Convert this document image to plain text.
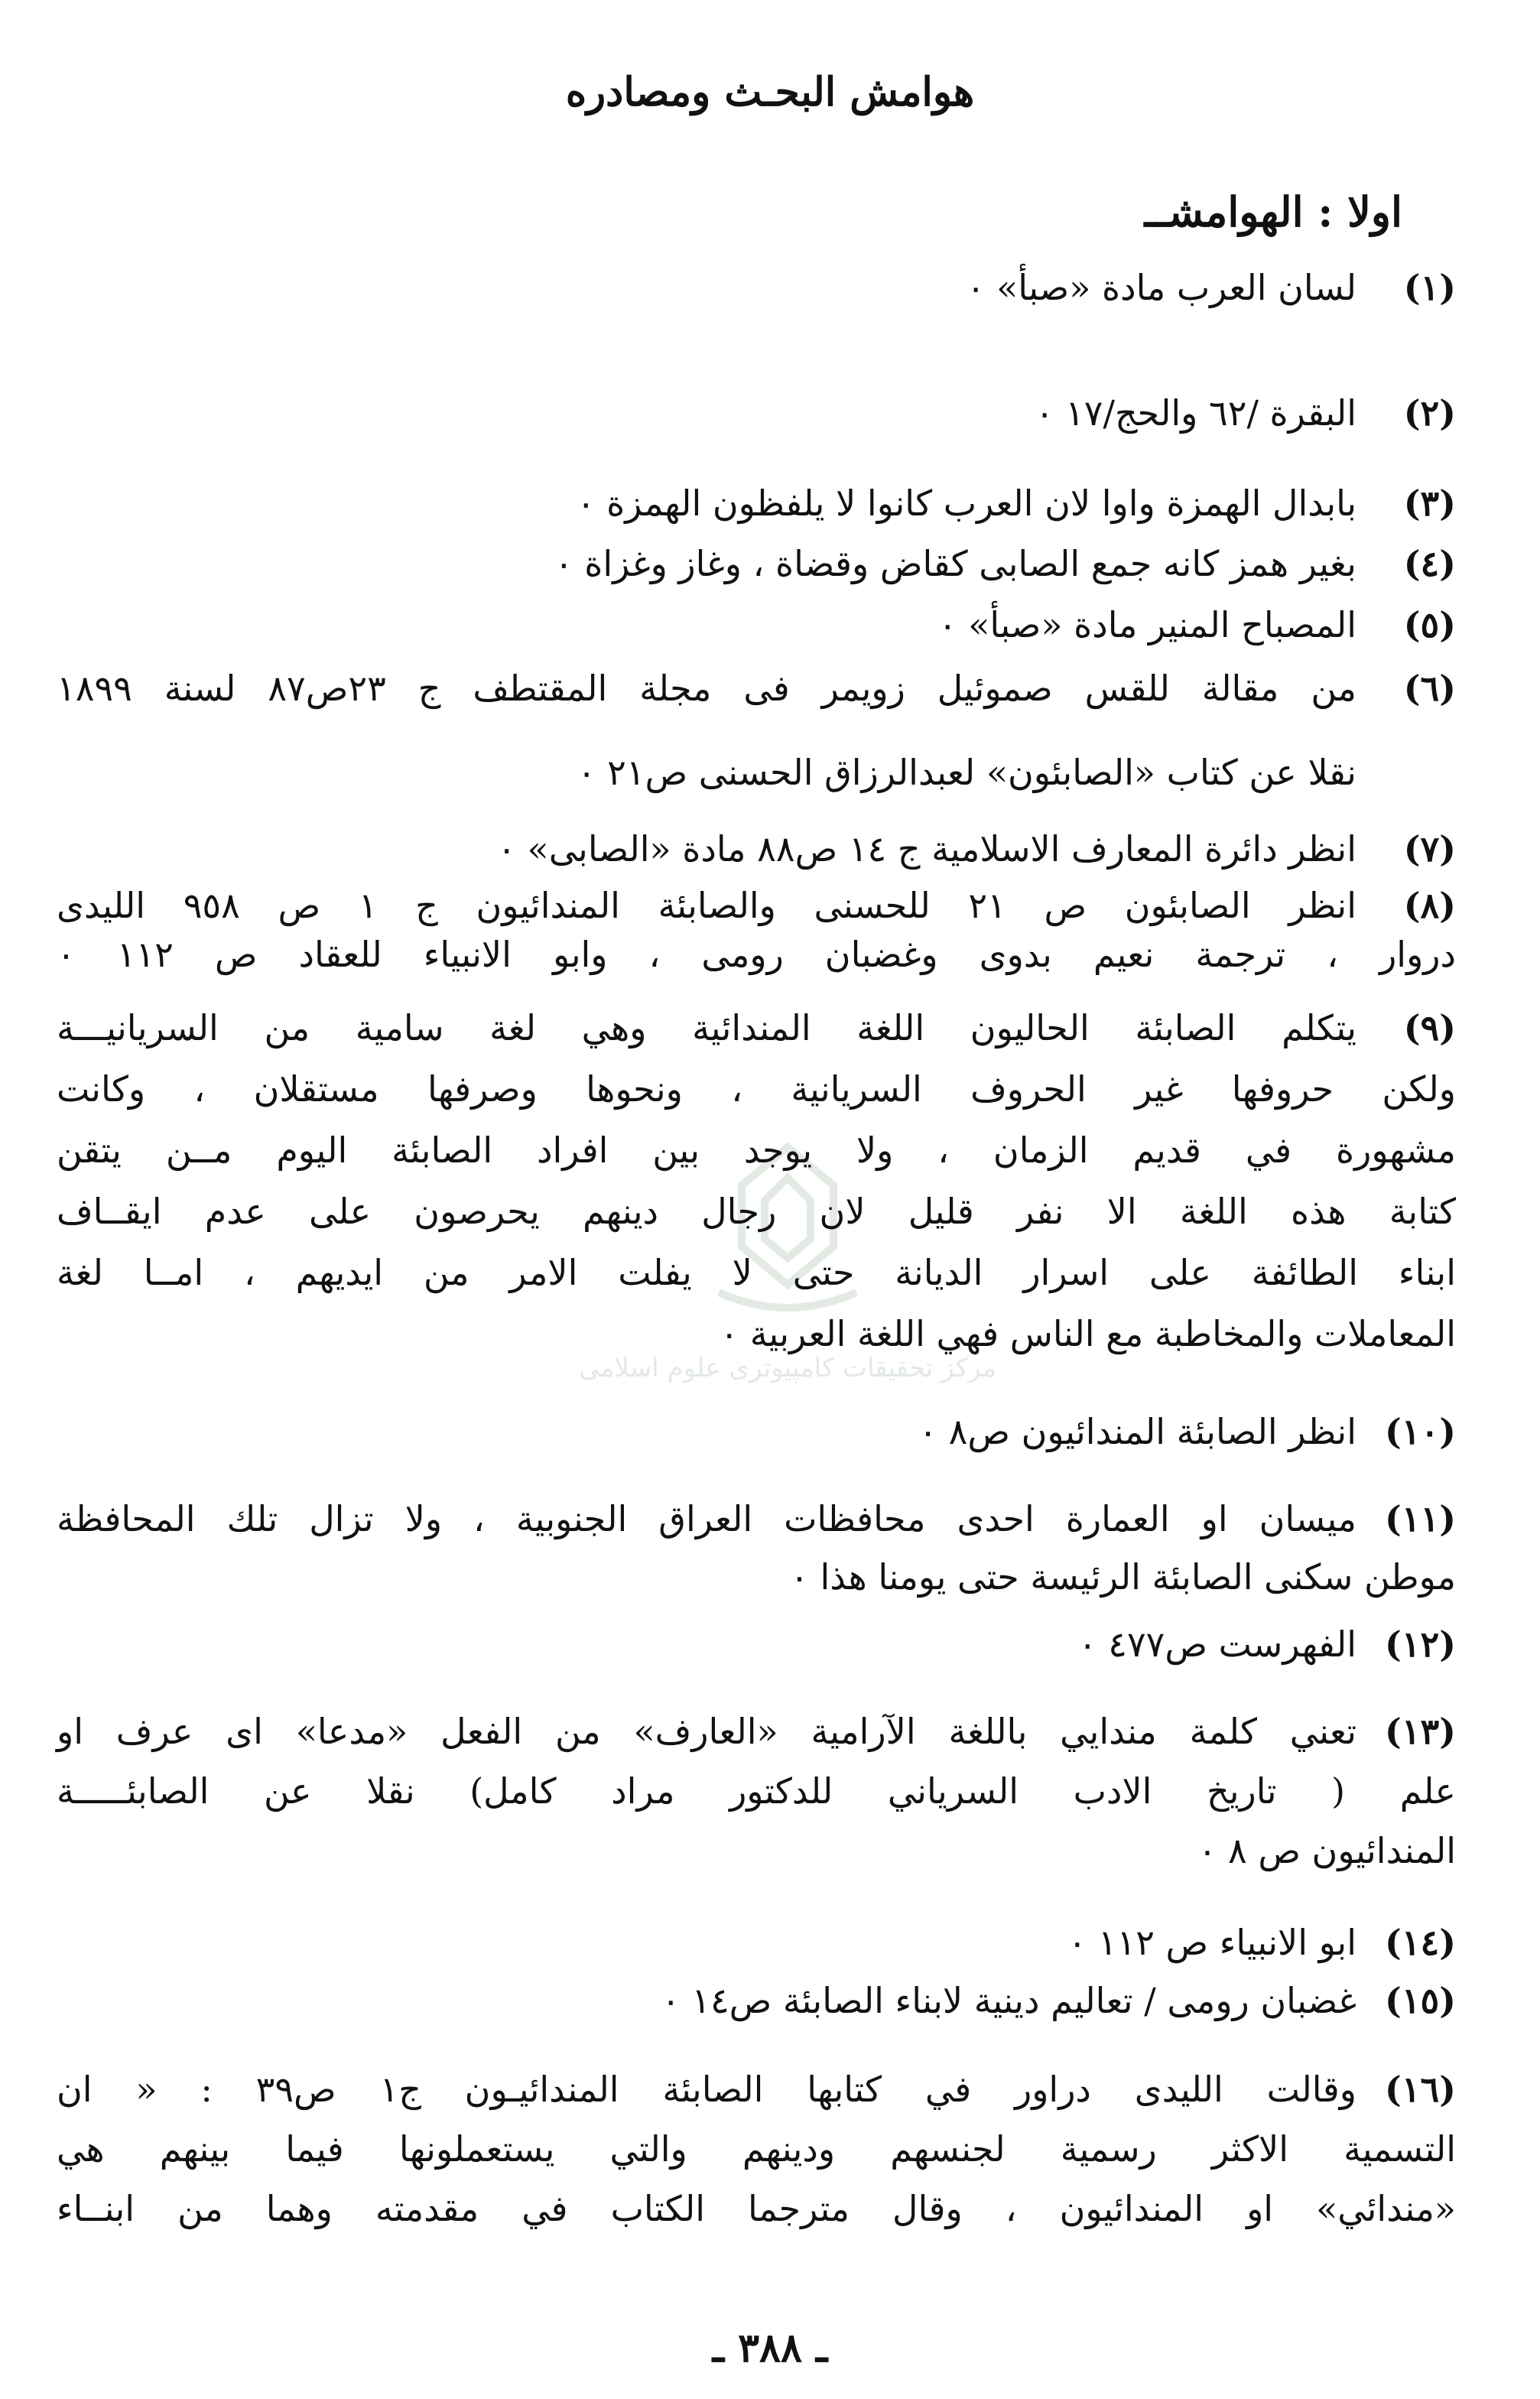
هوامش البحـث ومصادره
اولا : الهوامشــ
مركز تحقیقات کامپیوتری علوم اسلامی
(١)
لسان العرب مادة «صبأ» ٠
(٢)
البقرة /٦٢ والحج/١٧ ٠
(٣)
بابدال الهمزة واوا لان العرب كانوا لا يلفظون الهمزة ٠
(٤)
بغير همز كانه جمع الصابى كقاض وقضاة ، وغاز وغزاة ٠
(٥)
المصباح المنير مادة «صبأ» ٠
(٦)
من مقالة للقس صموئيل زويمر فى مجلة المقتطف ج ٢٣ص٨٧ لسنة ١٨٩٩
نقلا عن كتاب «الصابئون» لعبدالرزاق الحسنى ص٢١ ٠
(٧)
انظر دائرة المعارف الاسلامية ج ١٤ ص٨٨ مادة «الصابى» ٠
(٨)
انظر الصابئون ص ٢١ للحسنى والصابئة المندائيون ج ١ ص ٩٥٨ الليدى
دروار ، ترجمة نعيم بدوى وغضبان رومى ، وابو الانبياء للعقاد ص ١١٢ ٠
(٩)
يتكلم الصابئة الحاليون اللغة المندائية وهي لغة سامية من السريانيـــة
ولكن حروفها غير الحروف السريانية ، ونحوها وصرفها مستقلان ، وكانت
مشهورة في قديم الزمان ، ولا يوجد بين افراد الصابئة اليوم مــن يتقن
كتابة هذه اللغة الا نفر قليل لان رجال دينهم يحرصون على عدم ايقــاف
ابناء الطائفة على اسرار الديانة حتى لا يفلت الامر من ايديهم ، امــا لغة
المعاملات والمخاطبة مع الناس فهي اللغة العربية ٠
(١٠)
انظر الصابئة المندائيون ص٨ ٠
(١١)
ميسان او العمارة احدى محافظات العراق الجنوبية ، ولا تزال تلك المحافظة
موطن سكنى الصابئة الرئيسة حتى يومنا هذا ٠
(١٢)
الفهرست ص٤٧٧ ٠
(١٣)
تعني كلمة مندايي باللغة الآرامية «العارف» من الفعل «مدعا» اى عرف او
علم ( تاريخ الادب السرياني للدكتور مراد كامل) نقلا عن الصابئـــــة
المندائيون ص ٨ ٠
(١٤)
ابو الانبياء ص ١١٢ ٠
(١٥)
غضبان رومى / تعاليم دينية لابناء الصابئة ص١٤ ٠
(١٦)
وقالت الليدى دراور في كتابها الصابئة المندائيـون ج١ ص٣٩ : « ان
التسمية الاكثر رسمية لجنسهم ودينهم والتي يستعملونها فيما بينهم هي
«مندائي» او المندائيون ، وقال مترجما الكتاب في مقدمته وهما من ابنــاء
ـ ٣٨٨ ـ
